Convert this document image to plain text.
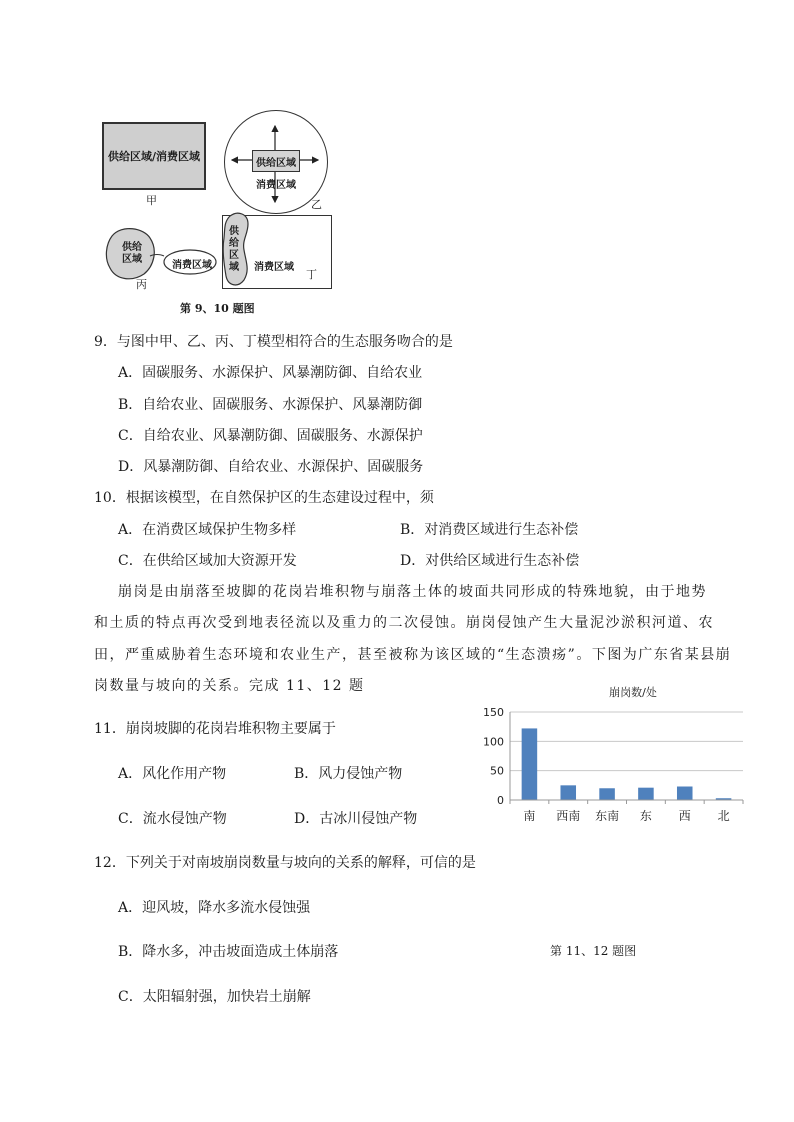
供给区域/消费区域
甲
供给区域
消费区域
乙
供给
区域
消费区域
丙
供
给
区
域 消费区域
丁
第 9、10 题图
9．与图中甲、乙、丙、丁模型相符合的生态服务吻合的是
A．固碳服务、水源保护、风暴潮防御、自给农业
B．自给农业、固碳服务、水源保护、风暴潮防御
C．自给农业、风暴潮防御、固碳服务、水源保护
D．风暴潮防御、自给农业、水源保护、固碳服务
10．根据该模型，在自然保护区的生态建设过程中，须
A．在消费区域保护生物多样	B．对消费区域进行生态补偿
C．在供给区域加大资源开发	D．对供给区域进行生态补偿
崩岗是由崩落至坡脚的花岗岩堆积物与崩落土体的坡面共同形成的特殊地貌，由于地势
和土质的特点再次受到地表径流以及重力的二次侵蚀。崩岗侵蚀产生大量泥沙淤积河道、农
田，严重威胁着生态环境和农业生产，甚至被称为该区域的“生态溃疡”。下图为广东省某县崩
岗数量与坡向的关系。完成 11、12 题
11．崩岗坡脚的花岗岩堆积物主要属于
A．风化作用产物	B．风力侵蚀产物
C．流水侵蚀产物	D．古冰川侵蚀产物
崩岗数/处
0
50
100
150
南 西南 东南 东 西 北
第 11、12 题图
12．下列关于对南坡崩岗数量与坡向的关系的解释，可信的是
A．迎风坡，降水多流水侵蚀强
B．降水多，冲击坡面造成土体崩落
C．太阳辐射强，加快岩土崩解
